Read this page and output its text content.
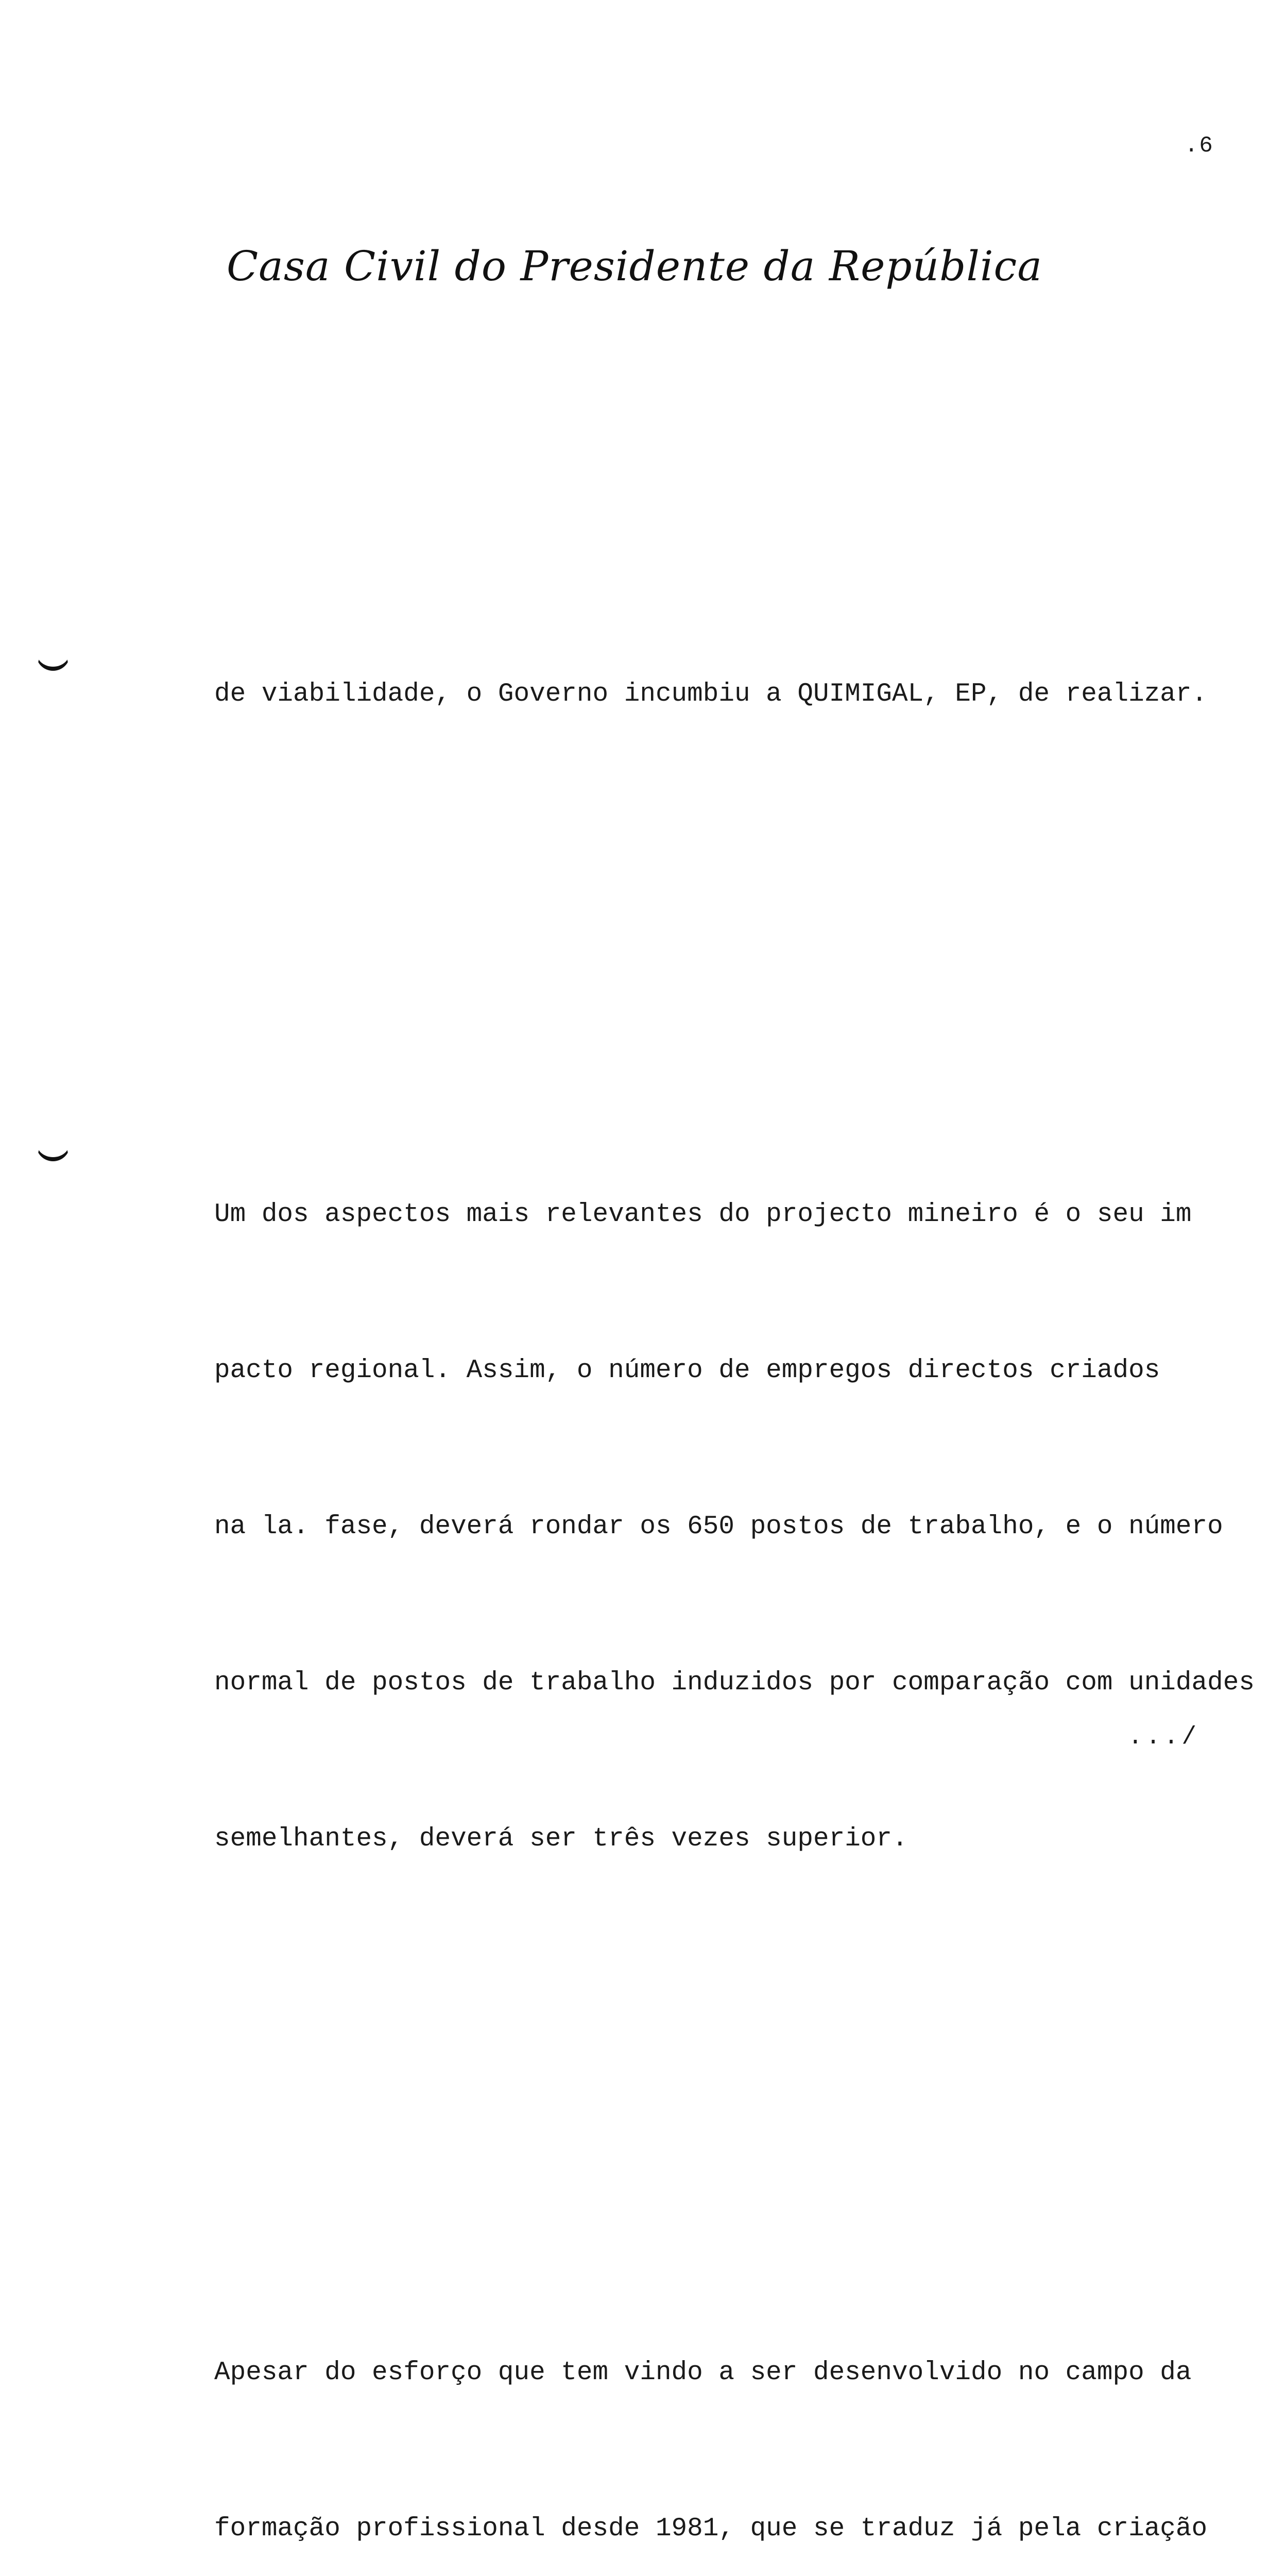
.6
Casa Civil do Presidente da República

de viabilidade, o Governo incumbiu a QUIMIGAL, EP, de realizar.

Um dos aspectos mais relevantes do projecto mineiro é o seu im

pacto regional. Assim, o número de empregos directos criados

na la. fase, deverá rondar os 650 postos de trabalho, e o número

normal de postos de trabalho induzidos por comparação com unidades

semelhantes, deverá ser três vezes superior.

Apesar do esforço que tem vindo a ser desenvolvido no campo da

formação profissional desde 1981, que se traduz já pela criação

.../
